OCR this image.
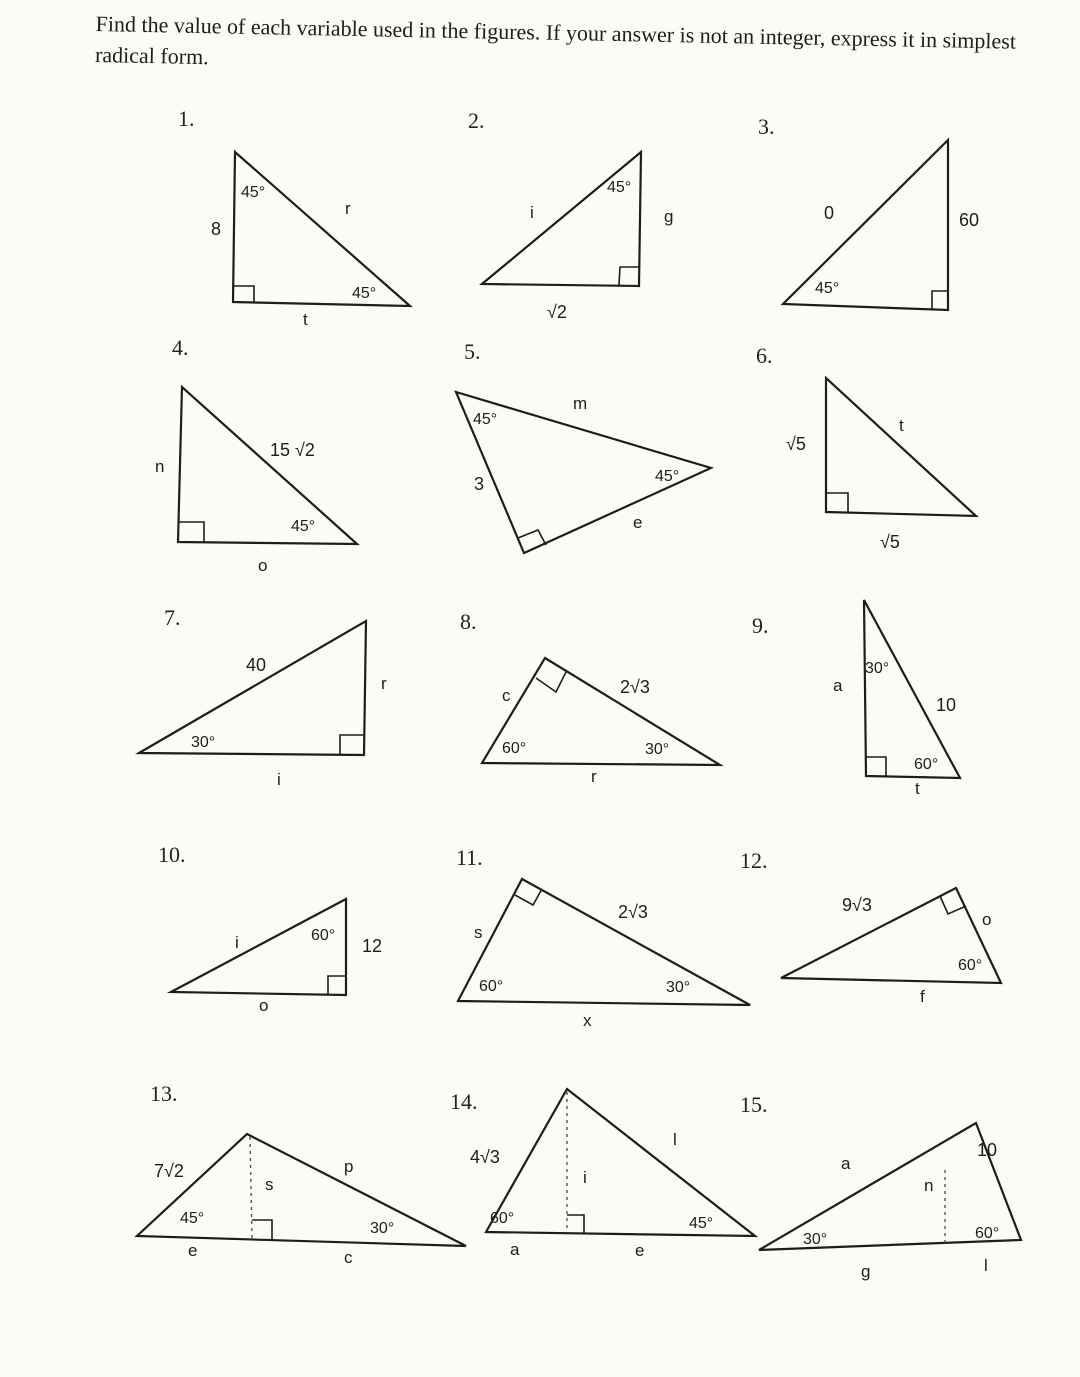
Find the value of each variable used in the figures. If your answer is not an integer, express it in simplest radical form.

1.	2.	3.
4.	5.	6.
7.	8.	9.
10.	11.	12.
13.	14.	15.
45°
45°
8
r
t
45°
i	g
√2
45°
0	60
15 √2
45°
n
o
45°
45°
m
3
e
√5
t
√5
40
30°
r
i
c	2√3
60°	30°
r
30°
a
10
60°
t
i	60°
12
o
s
2√3
60°	30°
x
9√3
o
60°
f
7√2
s
p
45°
30°
e	c
4√3
i
l
60°	45°
a	e
a
n
10
30°	60°
g	l
